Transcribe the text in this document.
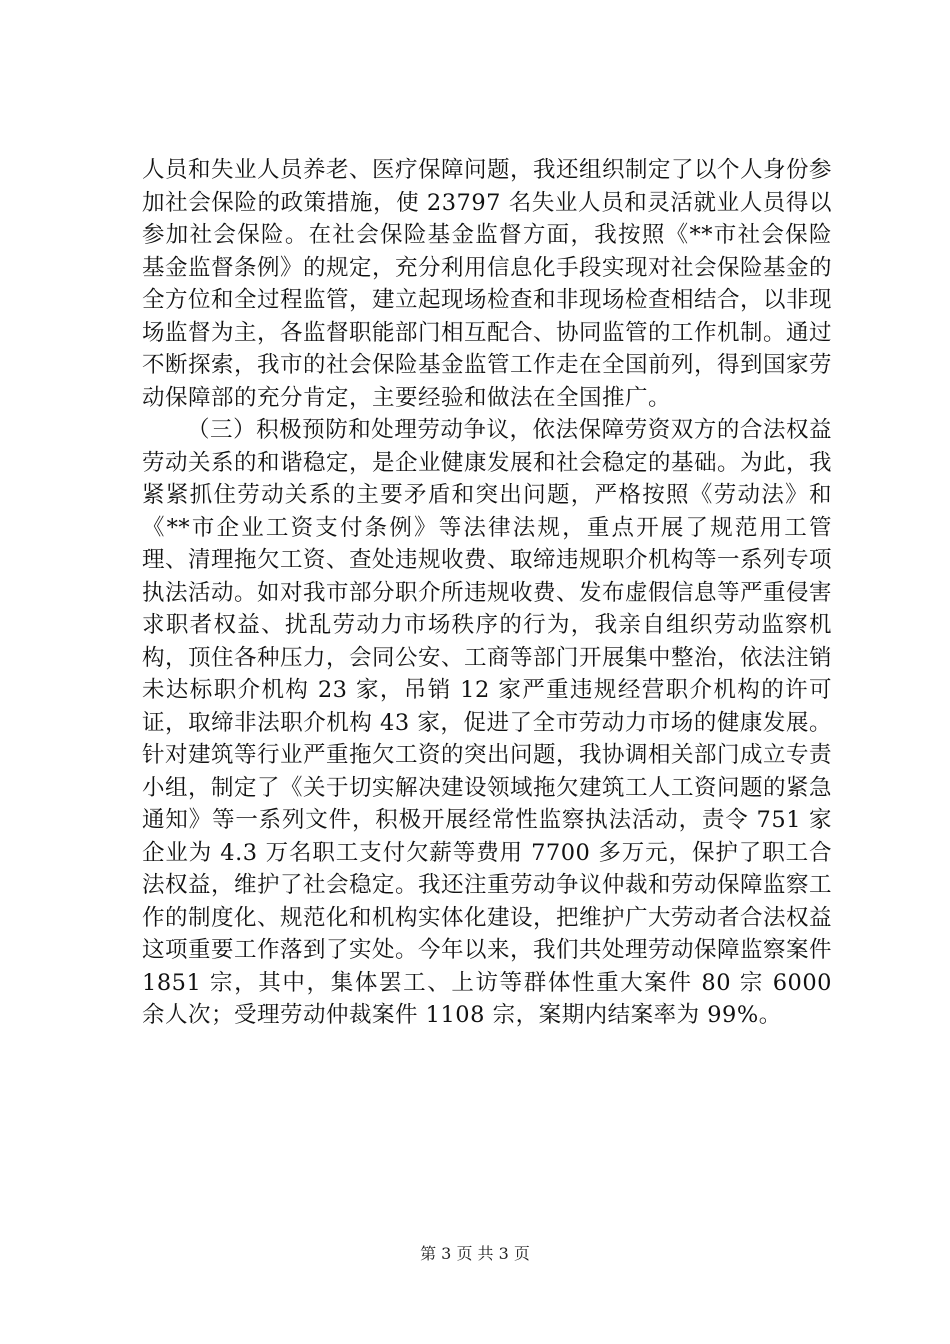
人员和失业人员养老、医疗保障问题，我还组织制定了以个人身份参加社会保险的政策措施，使 23797 名失业人员和灵活就业人员得以参加社会保险。在社会保险基金监督方面，我按照《**市社会保险基金监督条例》的规定，充分利用信息化手段实现对社会保险基金的全方位和全过程监管，建立起现场检查和非现场检查相结合，以非现场监督为主，各监督职能部门相互配合、协同监管的工作机制。通过不断探索，我市的社会保险基金监管工作走在全国前列，得到国家劳动保障部的充分肯定，主要经验和做法在全国推广。

（三）积极预防和处理劳动争议，依法保障劳资双方的合法权益劳动关系的和谐稳定，是企业健康发展和社会稳定的基础。为此，我紧紧抓住劳动关系的主要矛盾和突出问题，严格按照《劳动法》和《**市企业工资支付条例》等法律法规，重点开展了规范用工管理、清理拖欠工资、查处违规收费、取缔违规职介机构等一系列专项执法活动。如对我市部分职介所违规收费、发布虚假信息等严重侵害求职者权益、扰乱劳动力市场秩序的行为，我亲自组织劳动监察机构，顶住各种压力，会同公安、工商等部门开展集中整治，依法注销未达标职介机构 23 家，吊销 12 家严重违规经营职介机构的许可证，取缔非法职介机构 43 家，促进了全市劳动力市场的健康发展。针对建筑等行业严重拖欠工资的突出问题，我协调相关部门成立专责小组，制定了《关于切实解决建设领域拖欠建筑工人工资问题的紧急通知》等一系列文件，积极开展经常性监察执法活动，责令 751 家企业为 4.3 万名职工支付欠薪等费用 7700 多万元，保护了职工合法权益，维护了社会稳定。我还注重劳动争议仲裁和劳动保障监察工作的制度化、规范化和机构实体化建设，把维护广大劳动者合法权益这项重要工作落到了实处。今年以来，我们共处理劳动保障监察案件 1851 宗，其中，集体罢工、上访等群体性重大案件 80 宗 6000 余人次；受理劳动仲裁案件 1108 宗，案期内结案率为 99%。

第 3 页 共 3 页
